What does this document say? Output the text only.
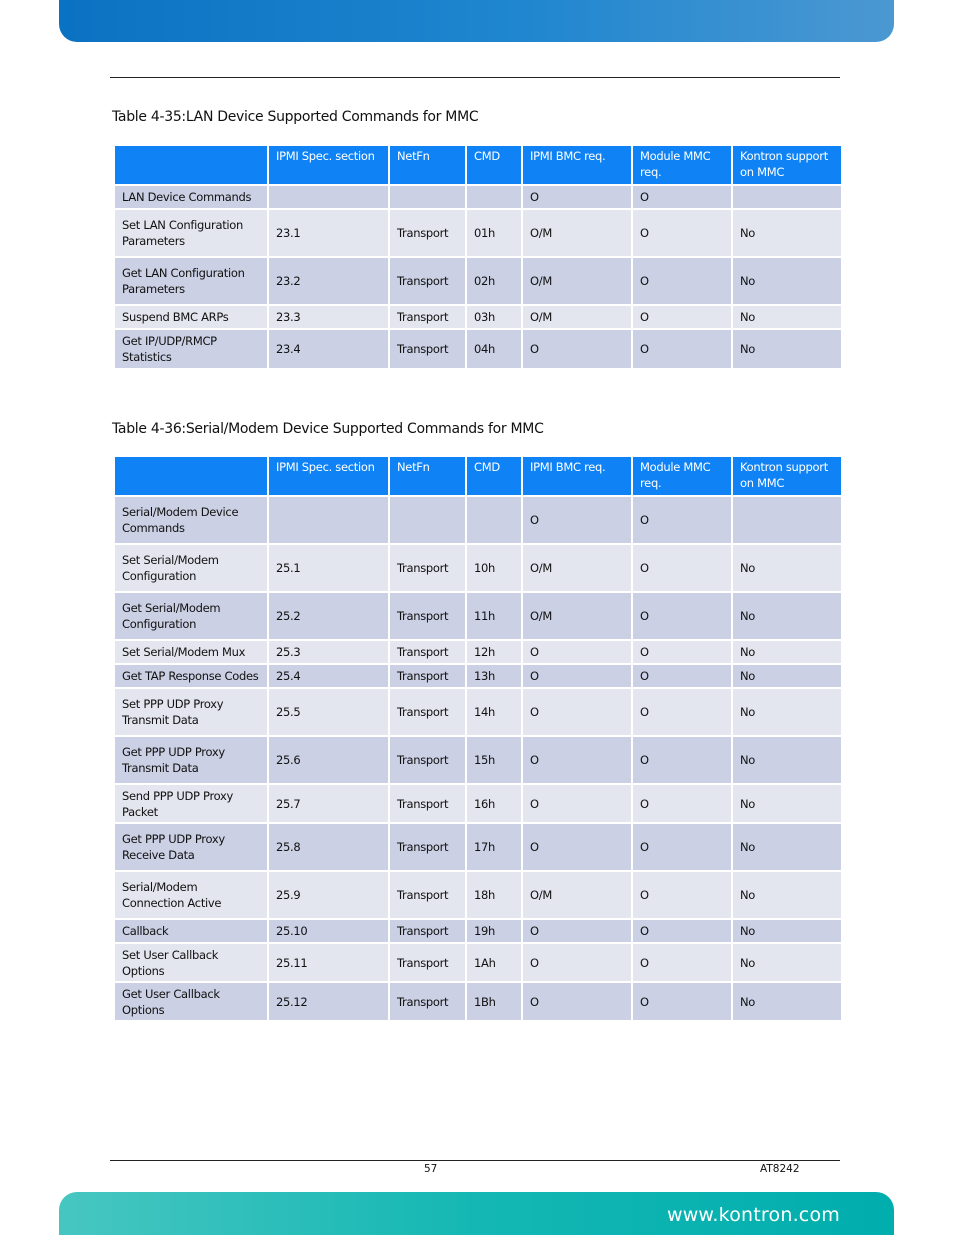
Table 4-35:LAN Device Supported Commands for MMC
	IPMI Spec. section	NetFn	CMD	IPMI BMC req.	Module MMC req.	Kontron support on MMC
LAN Device Commands				O	O	
Set LAN Configuration Parameters	23.1	Transport	01h	O/M	O	No
Get LAN Configuration Parameters	23.2	Transport	02h	O/M	O	No
Suspend BMC ARPs	23.3	Transport	03h	O/M	O	No
Get IP/UDP/RMCP Statistics	23.4	Transport	04h	O	O	No
Table 4-36:Serial/Modem Device Supported Commands for MMC
	IPMI Spec. section	NetFn	CMD	IPMI BMC req.	Module MMC req.	Kontron support on MMC
Serial/Modem Device Commands				O	O	
Set Serial/Modem Configuration	25.1	Transport	10h	O/M	O	No
Get Serial/Modem Configuration	25.2	Transport	11h	O/M	O	No
Set Serial/Modem Mux	25.3	Transport	12h	O	O	No
Get TAP Response Codes	25.4	Transport	13h	O	O	No
Set PPP UDP Proxy Transmit Data	25.5	Transport	14h	O	O	No
Get PPP UDP Proxy Transmit Data	25.6	Transport	15h	O	O	No
Send PPP UDP Proxy Packet	25.7	Transport	16h	O	O	No
Get PPP UDP Proxy Receive Data	25.8	Transport	17h	O	O	No
Serial/Modem Connection Active	25.9	Transport	18h	O/M	O	No
Callback	25.10	Transport	19h	O	O	No
Set User Callback Options	25.11	Transport	1Ah	O	O	No
Get User Callback Options	25.12	Transport	1Bh	O	O	No
57	AT8242
www.kontron.com
